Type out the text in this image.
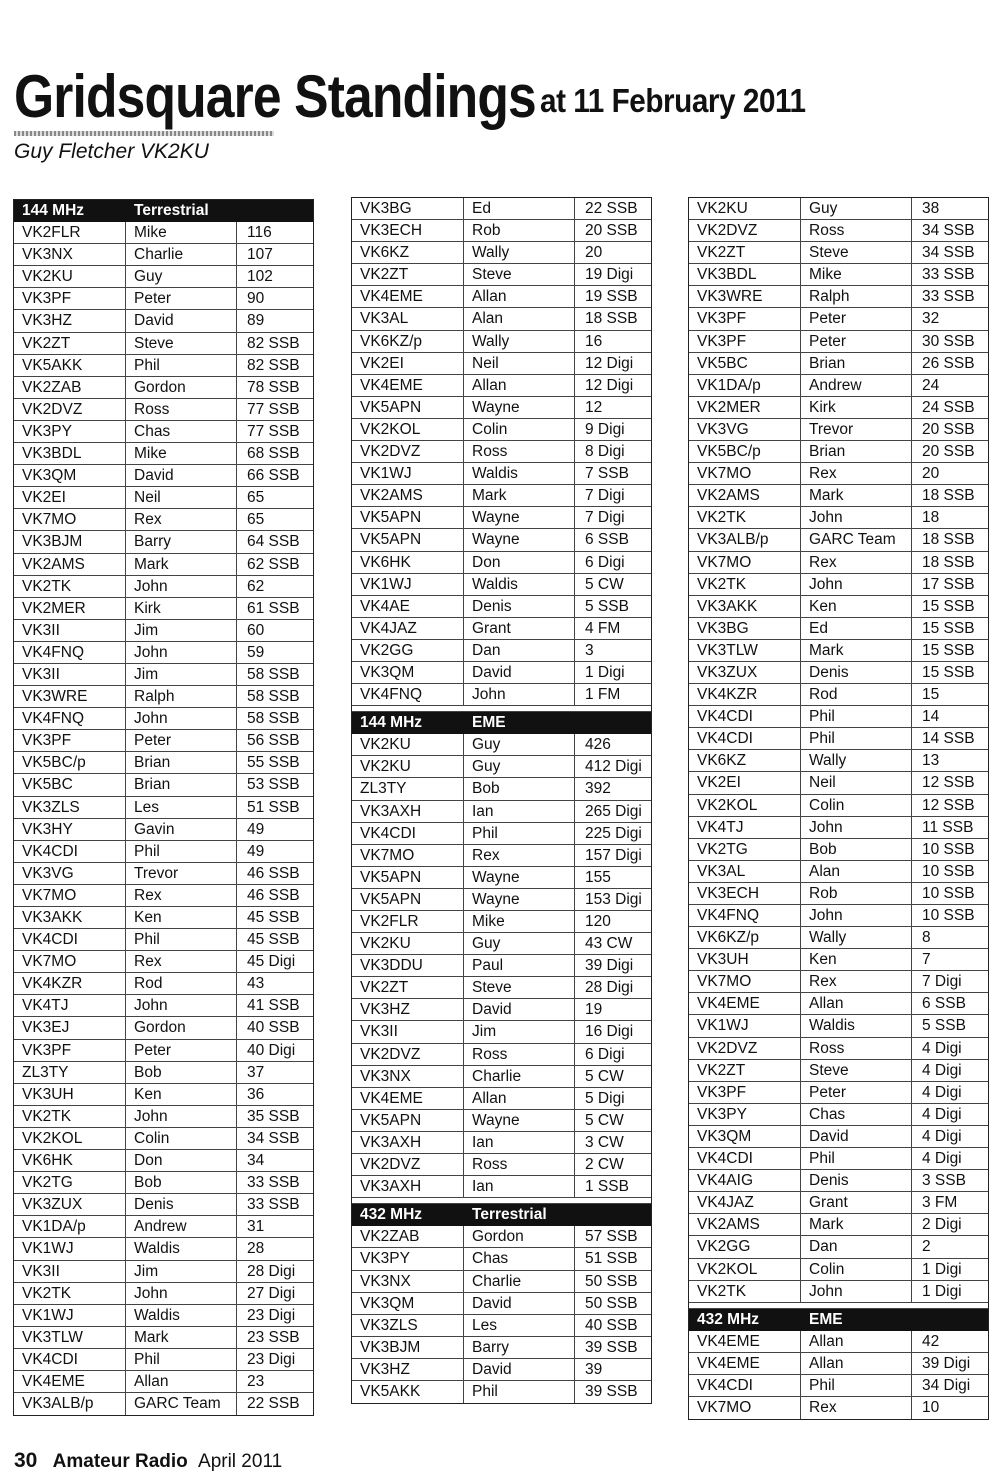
Gridsquare Standings at 11 February 2011
Guy Fletcher VK2KU
144 MHz	Terrestrial
VK2FLR	Mike	116
VK3NX	Charlie	107
VK2KU	Guy	102
VK3PF	Peter	90
VK3HZ	David	89
VK2ZT	Steve	82 SSB
VK5AKK	Phil	82 SSB
VK2ZAB	Gordon	78 SSB
VK2DVZ	Ross	77 SSB
VK3PY	Chas	77 SSB
VK3BDL	Mike	68 SSB
VK3QM	David	66 SSB
VK2EI	Neil	65
VK7MO	Rex	65
VK3BJM	Barry	64 SSB
VK2AMS	Mark	62 SSB
VK2TK	John	62
VK2MER	Kirk	61 SSB
VK3II	Jim	60
VK4FNQ	John	59
VK3II	Jim	58 SSB
VK3WRE	Ralph	58 SSB
VK4FNQ	John	58 SSB
VK3PF	Peter	56 SSB
VK5BC/p	Brian	55 SSB
VK5BC	Brian	53 SSB
VK3ZLS	Les	51 SSB
VK3HY	Gavin	49
VK4CDI	Phil	49
VK3VG	Trevor	46 SSB
VK7MO	Rex	46 SSB
VK3AKK	Ken	45 SSB
VK4CDI	Phil	45 SSB
VK7MO	Rex	45 Digi
VK4KZR	Rod	43
VK4TJ	John	41 SSB
VK3EJ	Gordon	40 SSB
VK3PF	Peter	40 Digi
ZL3TY	Bob	37
VK3UH	Ken	36
VK2TK	John	35 SSB
VK2KOL	Colin	34 SSB
VK6HK	Don	34
VK2TG	Bob	33 SSB
VK3ZUX	Denis	33 SSB
VK1DA/p	Andrew	31
VK1WJ	Waldis	28
VK3II	Jim	28 Digi
VK2TK	John	27 Digi
VK1WJ	Waldis	23 Digi
VK3TLW	Mark	23 SSB
VK4CDI	Phil	23 Digi
VK4EME	Allan	23
VK3ALB/p	GARC Team	22 SSB
VK3BG	Ed	22 SSB
VK3ECH	Rob	20 SSB
VK6KZ	Wally	20
VK2ZT	Steve	19 Digi
VK4EME	Allan	19 SSB
VK3AL	Alan	18 SSB
VK6KZ/p	Wally	16
VK2EI	Neil	12 Digi
VK4EME	Allan	12 Digi
VK5APN	Wayne	12
VK2KOL	Colin	9 Digi
VK2DVZ	Ross	8 Digi
VK1WJ	Waldis	7 SSB
VK2AMS	Mark	7 Digi
VK5APN	Wayne	7 Digi
VK5APN	Wayne	6 SSB
VK6HK	Don	6 Digi
VK1WJ	Waldis	5 CW
VK4AE	Denis	5 SSB
VK4JAZ	Grant	4 FM
VK2GG	Dan	3
VK3QM	David	1 Digi
VK4FNQ	John	1 FM
144 MHz	EME
VK2KU	Guy	426
VK2KU	Guy	412 Digi
ZL3TY	Bob	392
VK3AXH	Ian	265 Digi
VK4CDI	Phil	225 Digi
VK7MO	Rex	157 Digi
VK5APN	Wayne	155
VK5APN	Wayne	153 Digi
VK2FLR	Mike	120
VK2KU	Guy	43 CW
VK3DDU	Paul	39 Digi
VK2ZT	Steve	28 Digi
VK3HZ	David	19
VK3II	Jim	16 Digi
VK2DVZ	Ross	6 Digi
VK3NX	Charlie	5 CW
VK4EME	Allan	5 Digi
VK5APN	Wayne	5 CW
VK3AXH	Ian	3 CW
VK2DVZ	Ross	2 CW
VK3AXH	Ian	1 SSB
432 MHz	Terrestrial
VK2ZAB	Gordon	57 SSB
VK3PY	Chas	51 SSB
VK3NX	Charlie	50 SSB
VK3QM	David	50 SSB
VK3ZLS	Les	40 SSB
VK3BJM	Barry	39 SSB
VK3HZ	David	39
VK5AKK	Phil	39 SSB
VK2KU	Guy	38
VK2DVZ	Ross	34 SSB
VK2ZT	Steve	34 SSB
VK3BDL	Mike	33 SSB
VK3WRE	Ralph	33 SSB
VK3PF	Peter	32
VK3PF	Peter	30 SSB
VK5BC	Brian	26 SSB
VK1DA/p	Andrew	24
VK2MER	Kirk	24 SSB
VK3VG	Trevor	20 SSB
VK5BC/p	Brian	20 SSB
VK7MO	Rex	20
VK2AMS	Mark	18 SSB
VK2TK	John	18
VK3ALB/p	GARC Team	18 SSB
VK7MO	Rex	18 SSB
VK2TK	John	17 SSB
VK3AKK	Ken	15 SSB
VK3BG	Ed	15 SSB
VK3TLW	Mark	15 SSB
VK3ZUX	Denis	15 SSB
VK4KZR	Rod	15
VK4CDI	Phil	14
VK4CDI	Phil	14 SSB
VK6KZ	Wally	13
VK2EI	Neil	12 SSB
VK2KOL	Colin	12 SSB
VK4TJ	John	11 SSB
VK2TG	Bob	10 SSB
VK3AL	Alan	10 SSB
VK3ECH	Rob	10 SSB
VK4FNQ	John	10 SSB
VK6KZ/p	Wally	8
VK3UH	Ken	7
VK7MO	Rex	7 Digi
VK4EME	Allan	6 SSB
VK1WJ	Waldis	5 SSB
VK2DVZ	Ross	4 Digi
VK2ZT	Steve	4 Digi
VK3PF	Peter	4 Digi
VK3PY	Chas	4 Digi
VK3QM	David	4 Digi
VK4CDI	Phil	4 Digi
VK4AIG	Denis	3 SSB
VK4JAZ	Grant	3 FM
VK2AMS	Mark	2 Digi
VK2GG	Dan	2
VK2KOL	Colin	1 Digi
VK2TK	John	1 Digi
432 MHz	EME
VK4EME	Allan	42
VK4EME	Allan	39 Digi
VK4CDI	Phil	34 Digi
VK7MO	Rex	10
30 Amateur Radio April 2011
